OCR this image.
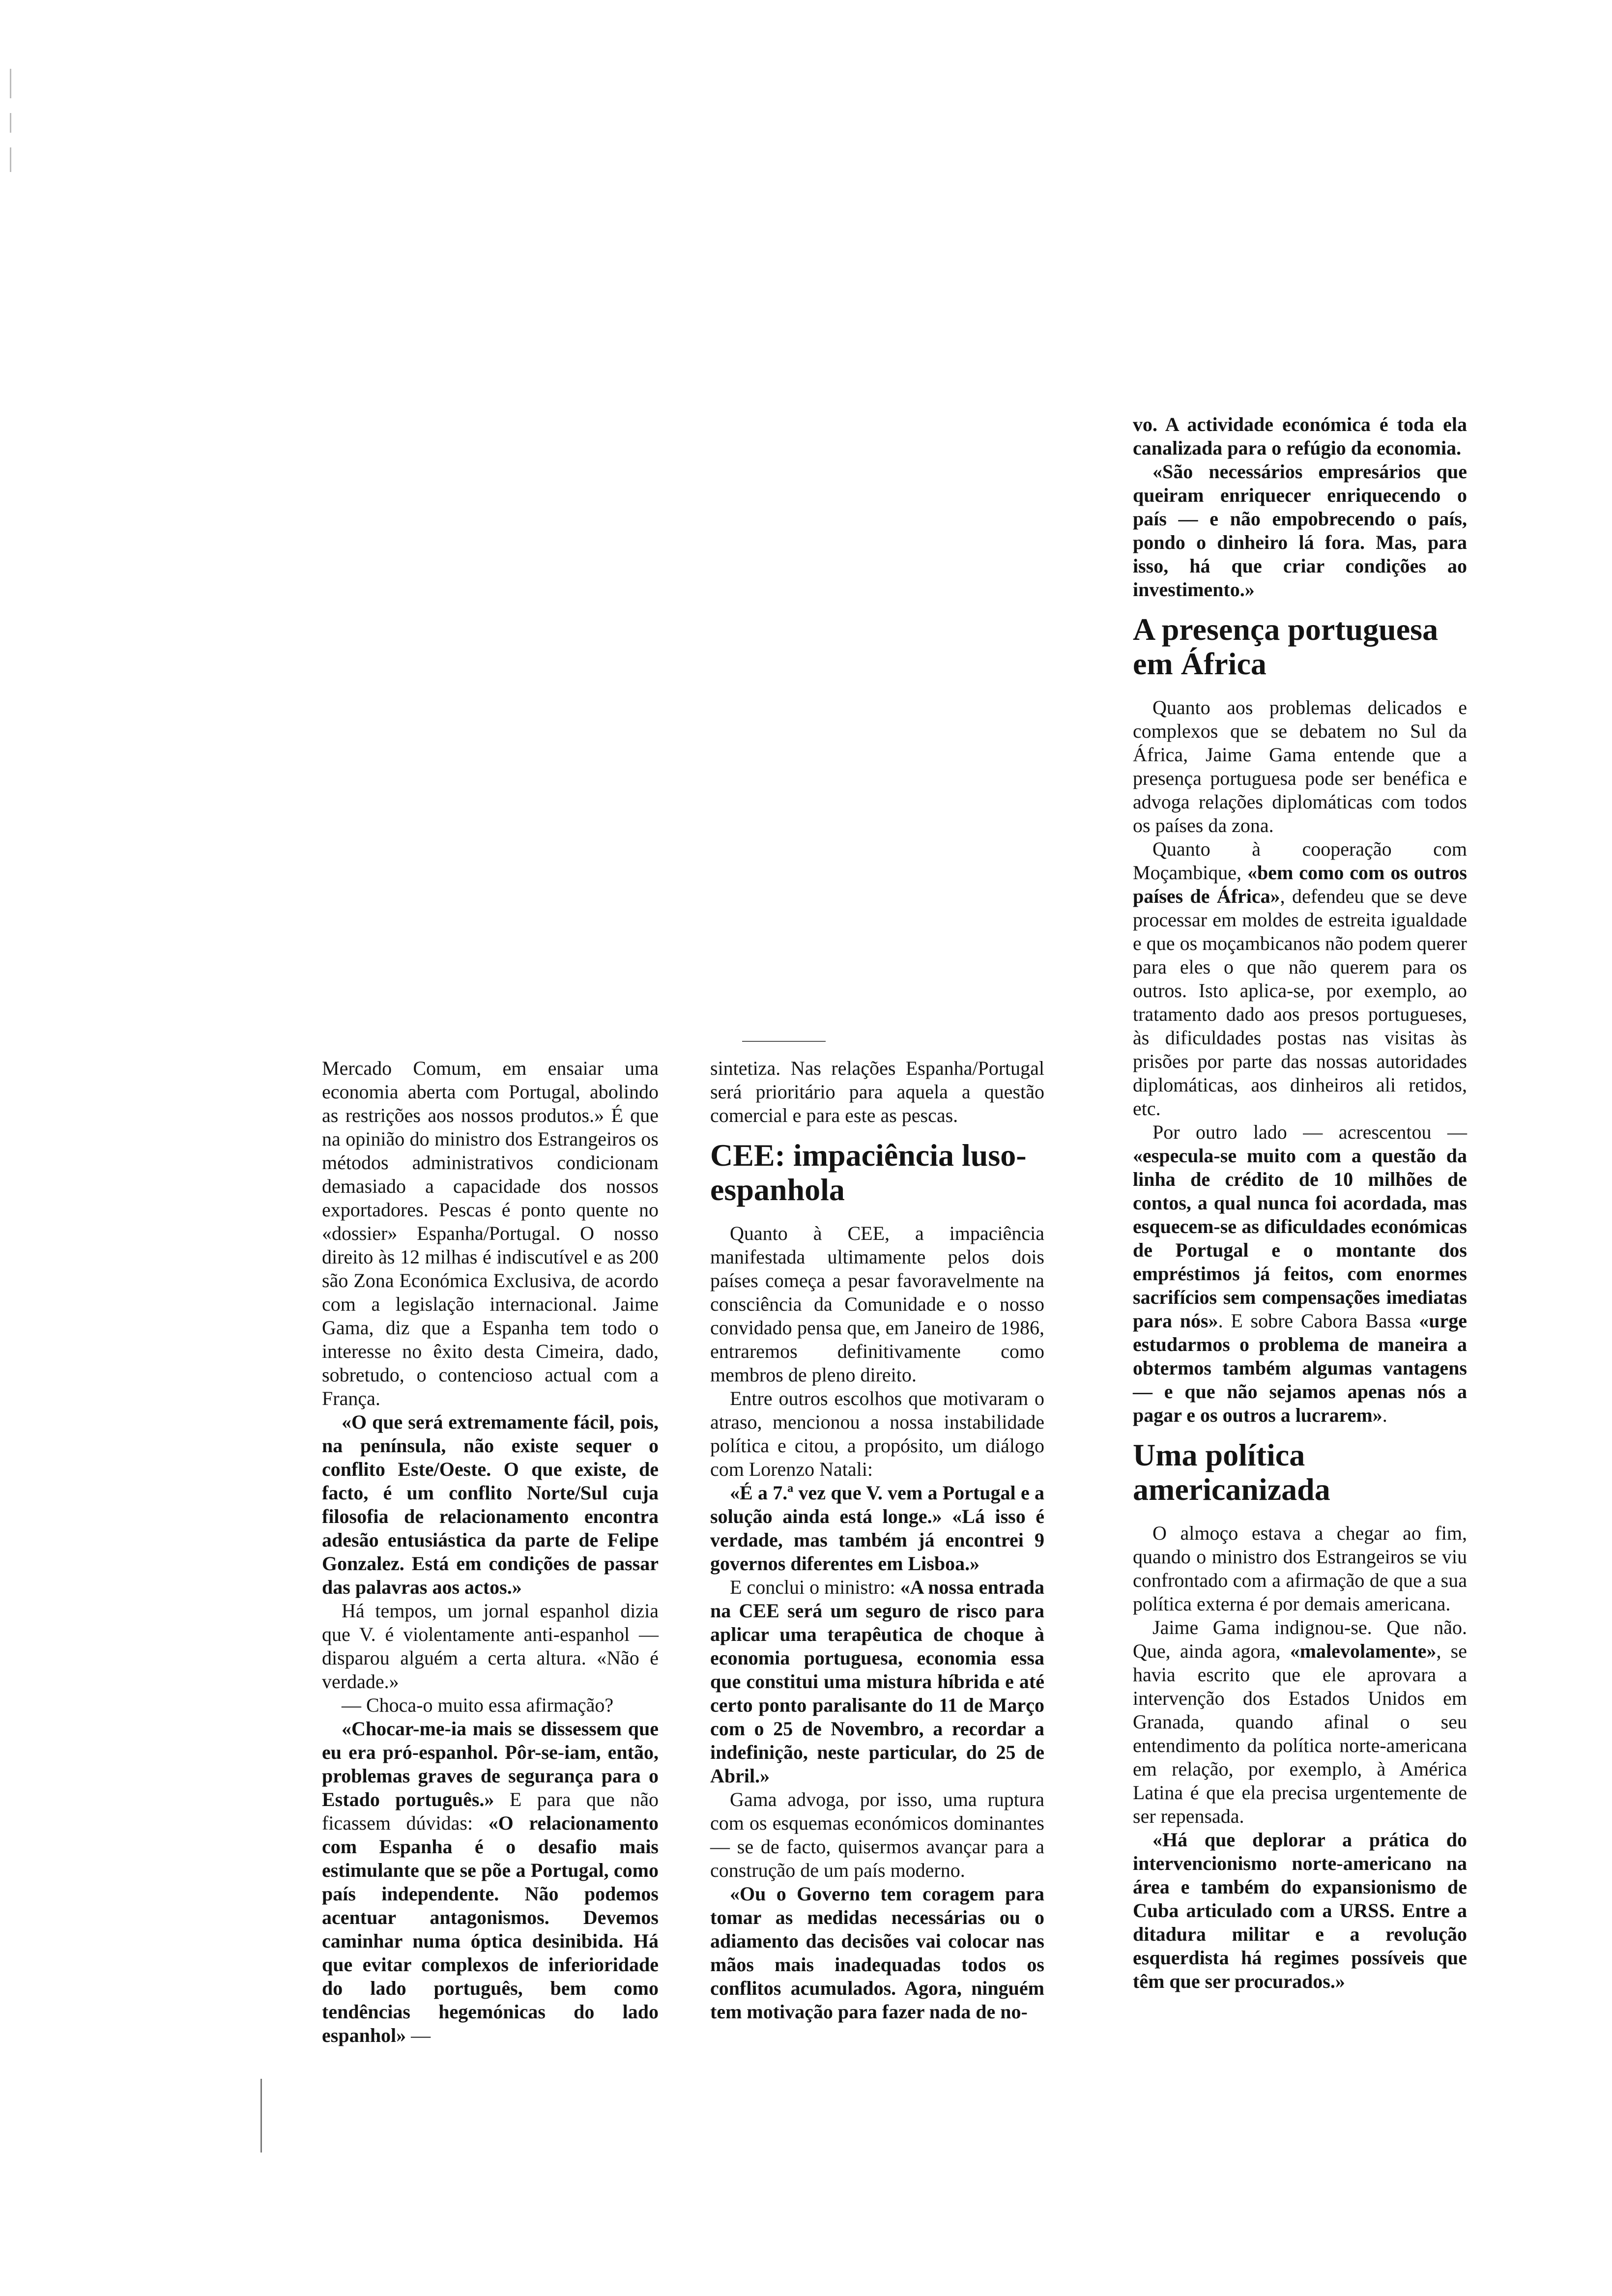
Mercado Comum, em ensaiar uma economia aberta com Portugal, abolindo as restrições aos nossos produtos.» É que na opinião do ministro dos Estrangeiros os métodos administrativos condicionam demasiado a capacidade dos nossos exportadores. Pescas é ponto quente no «dossier» Espanha/Portugal. O nosso direito às 12 milhas é indiscutível e as 200 são Zona Económica Exclusiva, de acordo com a legislação internacional. Jaime Gama, diz que a Espanha tem todo o interesse no êxito desta Cimeira, dado, sobretudo, o contencioso actual com a França.

«O que será extremamente fácil, pois, na península, não existe sequer o conflito Este/Oeste. O que existe, de facto, é um conflito Norte/Sul cuja filosofia de relacionamento encontra adesão entusiástica da parte de Felipe Gonzalez. Está em condições de passar das palavras aos actos.»

Há tempos, um jornal espanhol dizia que V. é violentamente anti-espanhol — disparou alguém a certa altura. «Não é verdade.»

— Choca-o muito essa afirmação?

«Chocar-me-ia mais se dissessem que eu era pró-espanhol. Pôr-se-iam, então, problemas graves de segurança para o Estado português.» E para que não ficassem dúvidas: «O relacionamento com Espanha é o desafio mais estimulante que se põe a Portugal, como país independente. Não podemos acentuar antagonismos. Devemos caminhar numa óptica desinibida. Há que evitar complexos de inferioridade do lado português, bem como tendências hegemónicas do lado espanhol» —

sintetiza. Nas relações Espanha/Portugal será prioritário para aquela a questão comercial e para este as pescas.

CEE: impaciência luso-espanhola

Quanto à CEE, a impaciência manifestada ultimamente pelos dois países começa a pesar favoravelmente na consciência da Comunidade e o nosso convidado pensa que, em Janeiro de 1986, entraremos definitivamente como membros de pleno direito.

Entre outros escolhos que motivaram o atraso, mencionou a nossa instabilidade política e citou, a propósito, um diálogo com Lorenzo Natali:

«É a 7.ª vez que V. vem a Portugal e a solução ainda está longe.» «Lá isso é verdade, mas também já encontrei 9 governos diferentes em Lisboa.»

E conclui o ministro: «A nossa entrada na CEE será um seguro de risco para aplicar uma terapêutica de choque à economia portuguesa, economia essa que constitui uma mistura híbrida e até certo ponto paralisante do 11 de Março com o 25 de Novembro, a recordar a indefinição, neste particular, do 25 de Abril.»

Gama advoga, por isso, uma ruptura com os esquemas económicos dominantes — se de facto, quisermos avançar para a construção de um país moderno.

«Ou o Governo tem coragem para tomar as medidas necessárias ou o adiamento das decisões vai colocar nas mãos mais inadequadas todos os conflitos acumulados. Agora, ninguém tem motivação para fazer nada de no-

vo. A actividade económica é toda ela canalizada para o refúgio da economia.

«São necessários empresários que queiram enriquecer enriquecendo o país — e não empobrecendo o país, pondo o dinheiro lá fora. Mas, para isso, há que criar condições ao investimento.»

A presença portuguesa em África

Quanto aos problemas delicados e complexos que se debatem no Sul da África, Jaime Gama entende que a presença portuguesa pode ser benéfica e advoga relações diplomáticas com todos os países da zona.

Quanto à cooperação com Moçambique, «bem como com os outros países de África», defendeu que se deve processar em moldes de estreita igualdade e que os moçambicanos não podem querer para eles o que não querem para os outros. Isto aplica-se, por exemplo, ao tratamento dado aos presos portugueses, às dificuldades postas nas visitas às prisões por parte das nossas autoridades diplomáticas, aos dinheiros ali retidos, etc.

Por outro lado — acrescentou — «especula-se muito com a questão da linha de crédito de 10 milhões de contos, a qual nunca foi acordada, mas esquecem-se as dificuldades económicas de Portugal e o montante dos empréstimos já feitos, com enormes sacrifícios sem compensações imediatas para nós». E sobre Cabora Bassa «urge estudarmos o problema de maneira a obtermos também algumas vantagens — e que não sejamos apenas nós a pagar e os outros a lucrarem».

Uma política americanizada

O almoço estava a chegar ao fim, quando o ministro dos Estrangeiros se viu confrontado com a afirmação de que a sua política externa é por demais americana.

Jaime Gama indignou-se. Que não. Que, ainda agora, «malevolamente», se havia escrito que ele aprovara a intervenção dos Estados Unidos em Granada, quando afinal o seu entendimento da política norte-americana em relação, por exemplo, à América Latina é que ela precisa urgentemente de ser repensada.

«Há que deplorar a prática do intervencionismo norte-americano na área e também do expansionismo de Cuba articulado com a URSS. Entre a ditadura militar e a revolução esquerdista há regimes possíveis que têm que ser procurados.»
